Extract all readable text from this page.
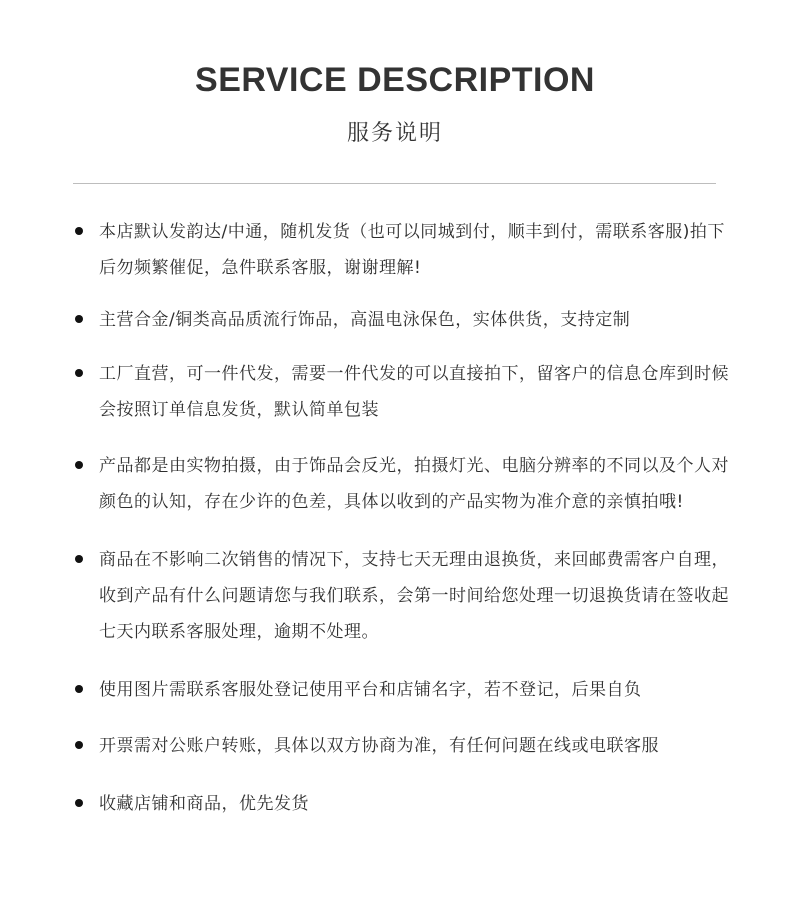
SERVICE DESCRIPTION
服务说明
本店默认发韵达/中通，随机发货（也可以同城到付，顺丰到付，需联系客服)拍下后勿频繁催促，急件联系客服，谢谢理解!
主营合金/铜类高品质流行饰品，高温电泳保色，实体供货，支持定制
工厂直营，可一件代发，需要一件代发的可以直接拍下，留客户的信息仓库到时候会按照订单信息发货，默认简单包装
产品都是由实物拍摄，由于饰品会反光，拍摄灯光、电脑分辨率的不同以及个人对颜色的认知，存在少许的色差，具体以收到的产品实物为准介意的亲慎拍哦!
商品在不影响二次销售的情况下，支持七天无理由退换货，来回邮费需客户自理，收到产品有什么问题请您与我们联系，会第一时间给您处理一切退换货请在签收起七天内联系客服处理，逾期不处理。
使用图片需联系客服处登记使用平台和店铺名字，若不登记，后果自负
开票需对公账户转账，具体以双方协商为准，有任何问题在线或电联客服
收藏店铺和商品，优先发货
